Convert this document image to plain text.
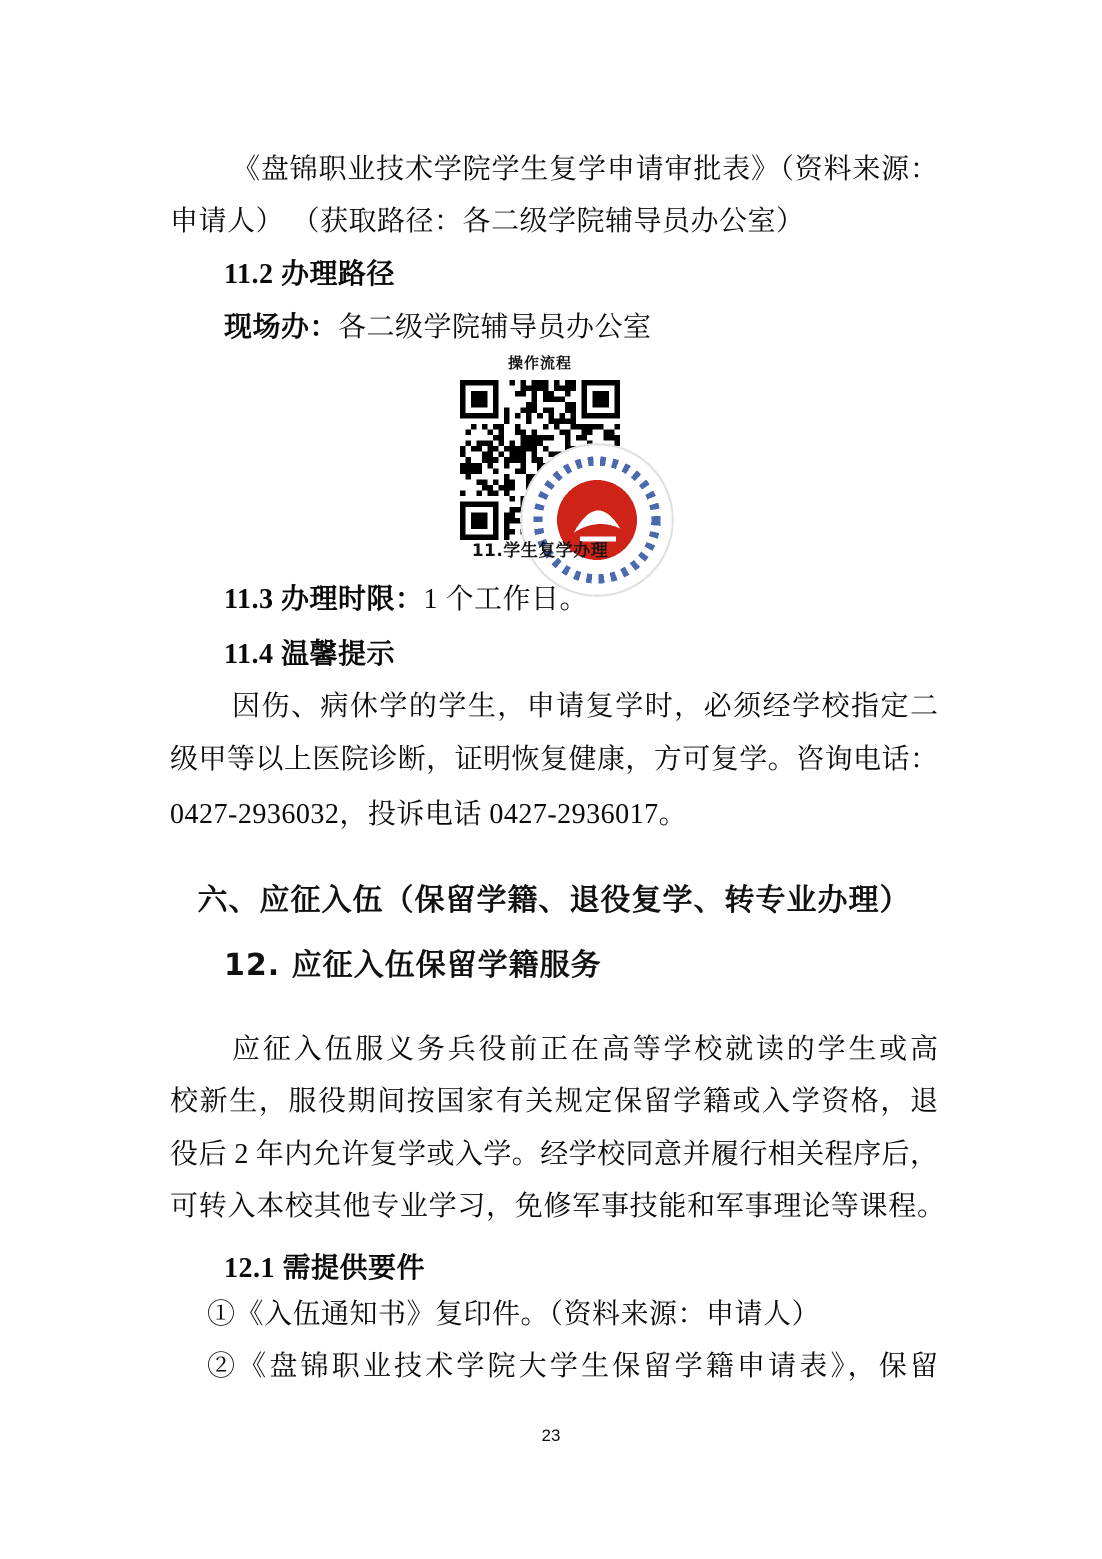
《盘锦职业技术学院学生复学申请审批表》（资料来源：
申请人） （获取路径：各二级学院辅导员办公室）
11.2 办理路径
现场办：各二级学院辅导员办公室
操作流程
11.学生复学办理
11.3 办理时限：1 个工作日。
11.4 温馨提示
因伤、病休学的学生，申请复学时，必须经学校指定二
级甲等以上医院诊断，证明恢复健康，方可复学。咨询电话：
0427-2936032，投诉电话 0427-2936017。
六、应征入伍（保留学籍、退役复学、转专业办理）
12. 应征入伍保留学籍服务
应征入伍服义务兵役前正在高等学校就读的学生或高
校新生，服役期间按国家有关规定保留学籍或入学资格，退
役后 2 年内允许复学或入学。经学校同意并履行相关程序后，
可转入本校其他专业学习，免修军事技能和军事理论等课程。
12.1 需提供要件
①《入伍通知书》复印件。（资料来源：申请人）
②《盘锦职业技术学院大学生保留学籍申请表》，保留
23
